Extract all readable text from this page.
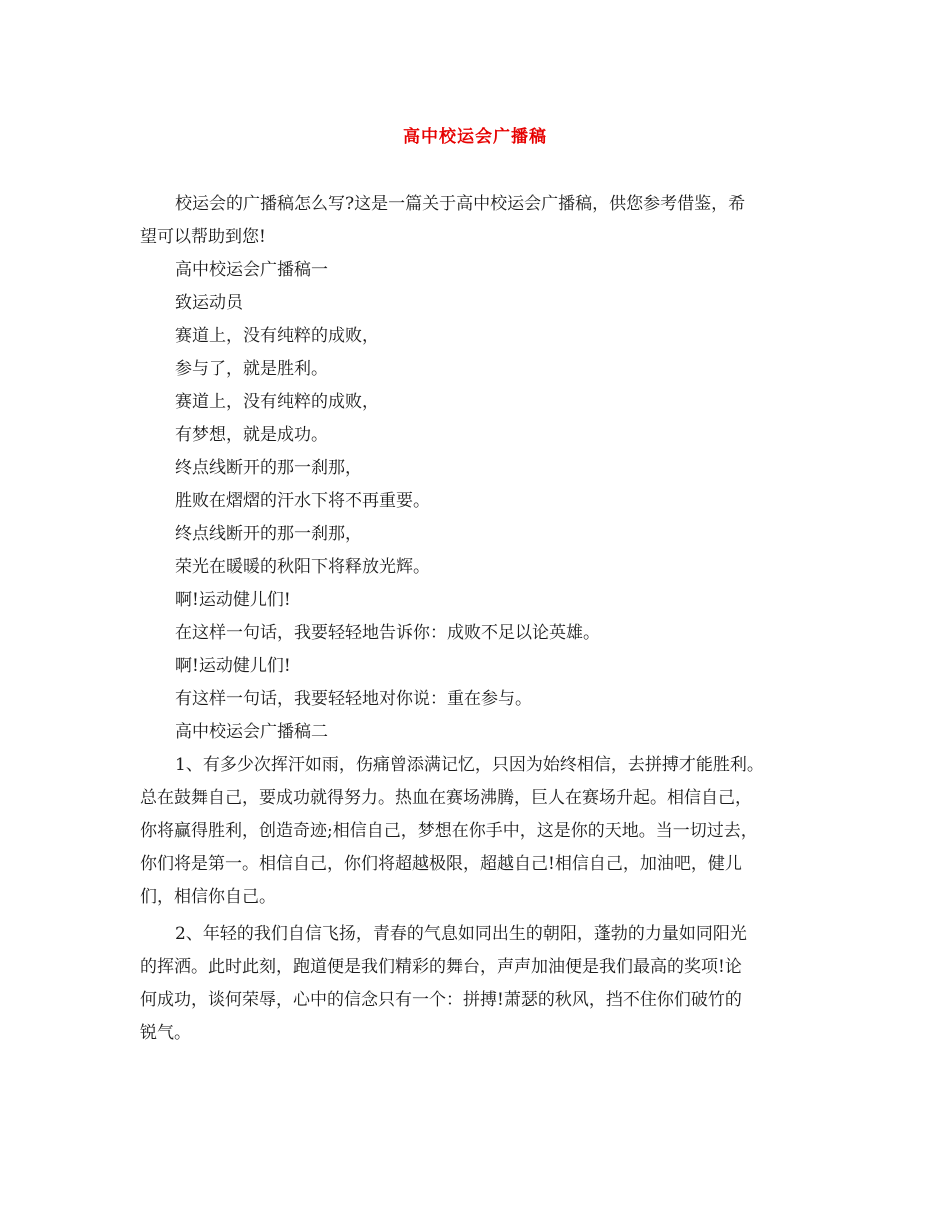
高中校运会广播稿
校运会的广播稿怎么写?这是一篇关于高中校运会广播稿，供您参考借鉴，希
望可以帮助到您!
高中校运会广播稿一
致运动员
赛道上，没有纯粹的成败，
参与了，就是胜利。
赛道上，没有纯粹的成败，
有梦想，就是成功。
终点线断开的那一刹那，
胜败在熠熠的汗水下将不再重要。
终点线断开的那一刹那，
荣光在暖暖的秋阳下将释放光辉。
啊!运动健儿们!
在这样一句话，我要轻轻地告诉你：成败不足以论英雄。
啊!运动健儿们!
有这样一句话，我要轻轻地对你说：重在参与。
高中校运会广播稿二
1、有多少次挥汗如雨，伤痛曾添满记忆，只因为始终相信，去拼搏才能胜利。
总在鼓舞自己，要成功就得努力。热血在赛场沸腾，巨人在赛场升起。相信自己，
你将赢得胜利，创造奇迹;相信自己，梦想在你手中，这是你的天地。当一切过去，
你们将是第一。相信自己，你们将超越极限，超越自己!相信自己，加油吧，健儿
们，相信你自己。
2、年轻的我们自信飞扬，青春的气息如同出生的朝阳，蓬勃的力量如同阳光
的挥洒。此时此刻，跑道便是我们精彩的舞台，声声加油便是我们最高的奖项!论
何成功，谈何荣辱，心中的信念只有一个：拼搏!萧瑟的秋风，挡不住你们破竹的
锐气。
